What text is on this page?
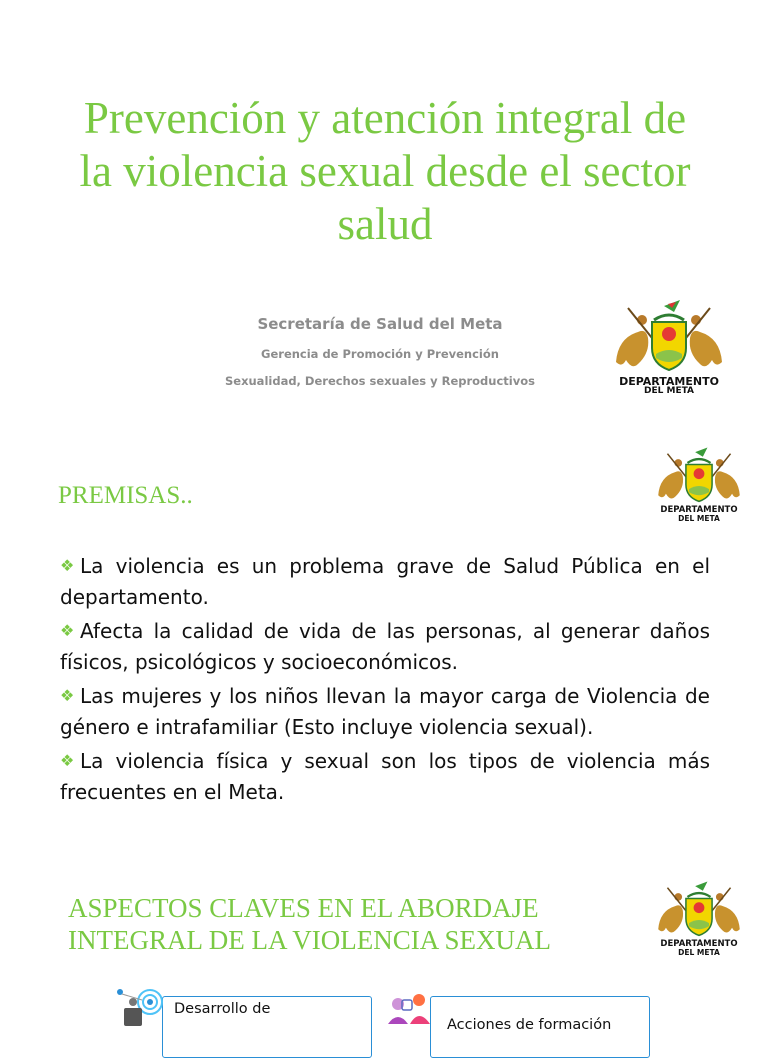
Prevención y atención integral de la violencia sexual desde el sector salud
Secretaría de Salud del Meta
Gerencia de Promoción y Prevención
Sexualidad, Derechos sexuales y Reproductivos	DEPARTAMENTO
DEL META
PREMISAS..
DEPARTAMENTO
DEL META
❖ La violencia es un problema grave de Salud Pública en el departamento.
❖ Afecta la calidad de vida de las personas, al generar daños físicos, psicológicos y socioeconómicos.
❖ Las mujeres y los niños llevan la mayor carga de Violencia de género e intrafamiliar (Esto incluye violencia sexual).
❖ La violencia física y sexual son los tipos de violencia más frecuentes en el Meta.
ASPECTOS CLAVES EN EL ABORDAJE INTEGRAL DE LA VIOLENCIA SEXUAL	DEPARTAMENTO
DEL META
Desarrollo de
Acciones de formación
